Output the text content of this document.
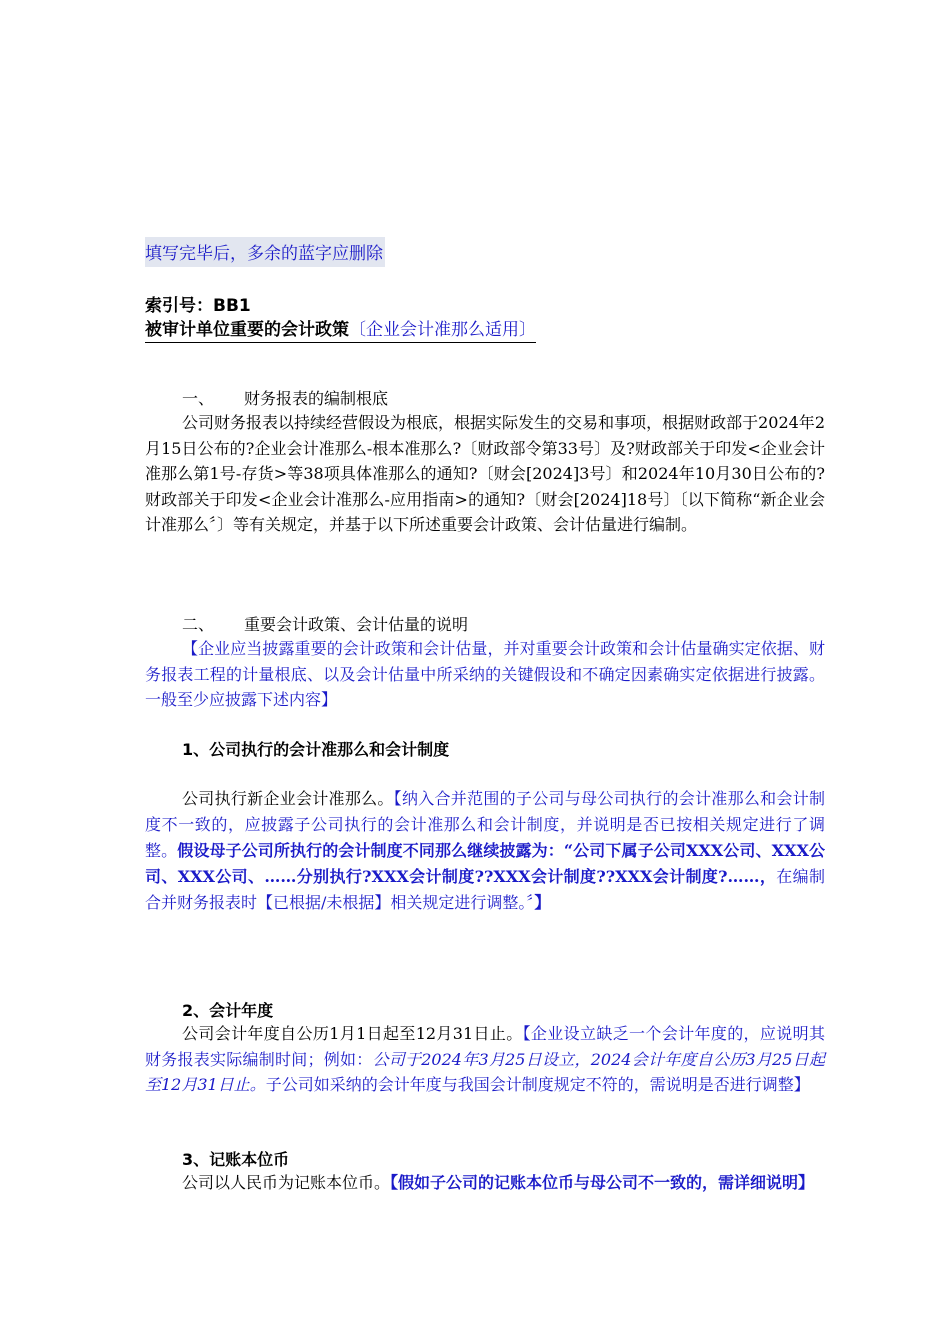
填写完毕后，多余的蓝字应删除
索引号：BB1
被审计单位重要的会计政策〔企业会计准那么适用〕
一、 财务报表的编制根底
公司财务报表以持续经营假设为根底，根据实际发生的交易和事项，根据财政部于2024年2月15日公布的?企业会计准那么-根本准那么?〔财政部令第33号〕及?财政部关于印发<企业会计准那么第1号-存货>等38项具体准那么的通知?〔财会[2024]3号〕和2024年10月30日公布的?财政部关于印发<企业会计准那么-应用指南>的通知?〔财会[2024]18号〕〔以下简称“新企业会计准那么〞〕等有关规定，并基于以下所述重要会计政策、会计估量进行编制。
二、 重要会计政策、会计估量的说明
【企业应当披露重要的会计政策和会计估量，并对重要会计政策和会计估量确实定依据、财务报表工程的计量根底、以及会计估量中所采纳的关键假设和不确定因素确实定依据进行披露。一般至少应披露下述内容】
1、公司执行的会计准那么和会计制度
公司执行新企业会计准那么。【纳入合并范围的子公司与母公司执行的会计准那么和会计制度不一致的，应披露子公司执行的会计准那么和会计制度，并说明是否已按相关规定进行了调整。假设母子公司所执行的会计制度不同那么继续披露为：“公司下属子公司XXX公司、XXX公司、XXX公司、……分别执行?XXX会计制度??XXX会计制度??XXX会计制度?……，在编制合并财务报表时【已根据/未根据】相关规定进行调整。〞】
2、会计年度
公司会计年度自公历1月1日起至12月31日止。【企业设立缺乏一个会计年度的，应说明其财务报表实际编制时间；例如：公司于2024年3月25日设立，2024会计年度自公历3月25日起至12月31日止。子公司如采纳的会计年度与我国会计制度规定不符的，需说明是否进行调整】
3、记账本位币
公司以人民币为记账本位币。【假如子公司的记账本位币与母公司不一致的，需详细说明】
